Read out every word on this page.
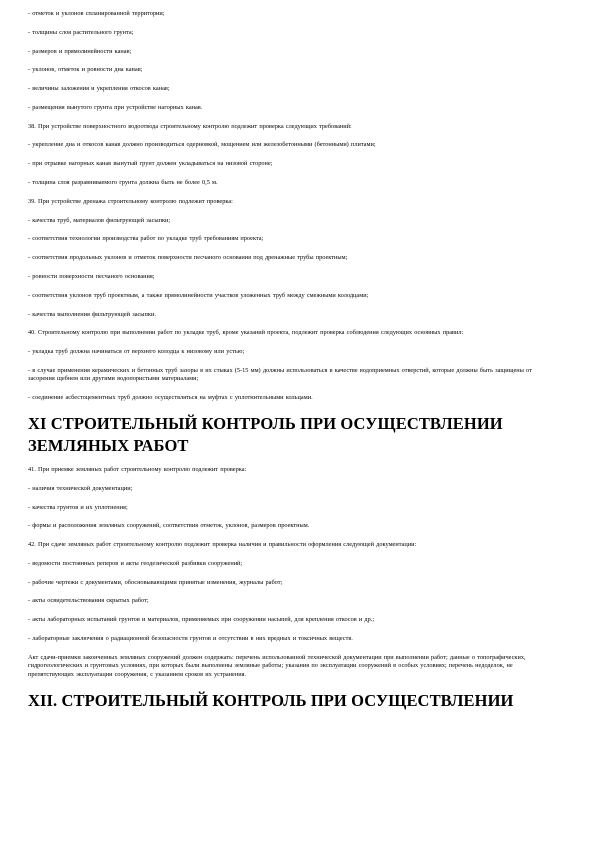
- отметок и уклонов спланированной территории;

- толщины слоя растительного грунта;

- размеров и прямолинейности канав;

- уклонов, отметок и ровности дна канав;

- величины заложения и укрепления откосов канав;

- размещения вынутого грунта при устройстве нагорных канав.

38. При устройстве поверхностного водоотвода строительному контролю подлежит проверка следующих требований:

- укрепление дна и откосов канав должно производиться одерновкой, мощением или железобетонными (бетонными) плитами;

- при отрывке нагорных канав вынутый грунт должен укладываться на низовой стороне;

- толщина слоя разравниваемого грунта должна быть не более 0,5 м.

39. При устройстве дренажа строительному контролю подлежит проверка:

- качества труб, материалов фильтрующей засыпки;

- соответствия технологии производства работ по укладке труб требованиям проекта;

- соответствия продольных уклонов и отметок поверхности песчаного основания под дренажные трубы проектным;

- ровности поверхности песчаного основания;

- соответствия уклонов труб проектным, а также прямолинейности участков уложенных труб между смежными колодцами;

- качества выполнения фильтрующей засыпки.

40. Строительному контролю при выполнении работ по укладке труб, кроме указаний проекта, подлежит проверка соблюдения следующих основных правил:

- укладка труб должна начинаться от верхнего колодца к низовому или устью;

- в случае применения керамических и бетонных труб зазоры в их стыках (5-15 мм) должны использоваться в качестве водоприемных отверстий, которые должны быть защищены от засорения щебнем или другими водопористыми материалами;

- соединение асбестоцементных труб должно осуществляться на муфтах с уплотнительными кольцами.

XI СТРОИТЕЛЬНЫЙ КОНТРОЛЬ ПРИ ОСУЩЕСТВЛЕНИИ ЗЕМЛЯНЫХ РАБОТ

41. При приемке земляных работ строительному контролю подлежит проверка:

- наличия технической документации;

- качества грунтов и их уплотнения;

- формы и расположения земляных сооружений, соответствия отметок, уклонов, размеров проектным.

42. При сдаче земляных работ строительному контролю подлежит проверка наличия и правильности оформления следующей документации:

- ведомости постоянных реперов и акты геодезической разбивки сооружений;

- рабочие чертежи с документами, обосновывающими принятые изменения, журналы работ;

- акты освидетельствования скрытых работ;

- акты лабораторных испытаний грунтов и материалов, применяемых при сооружении насыпей, для крепления откосов и др.;

- лабораторные заключения о радиационной безопасности грунтов и отсутствии в них вредных и токсичных веществ.

Акт сдачи-приемки законченных земляных сооружений должен содержать: перечень использованной технической документации при выполнении работ; данные о топографических, гидрогеологических и грунтовых условиях, при которых были выполнены земляные работы; указания по эксплуатации сооружений в особых условиях; перечень недоделок, не препятствующих эксплуатации сооружения, с указанием сроков их устранения.

XII. СТРОИТЕЛЬНЫЙ КОНТРОЛЬ ПРИ ОСУЩЕСТВЛЕНИИ
